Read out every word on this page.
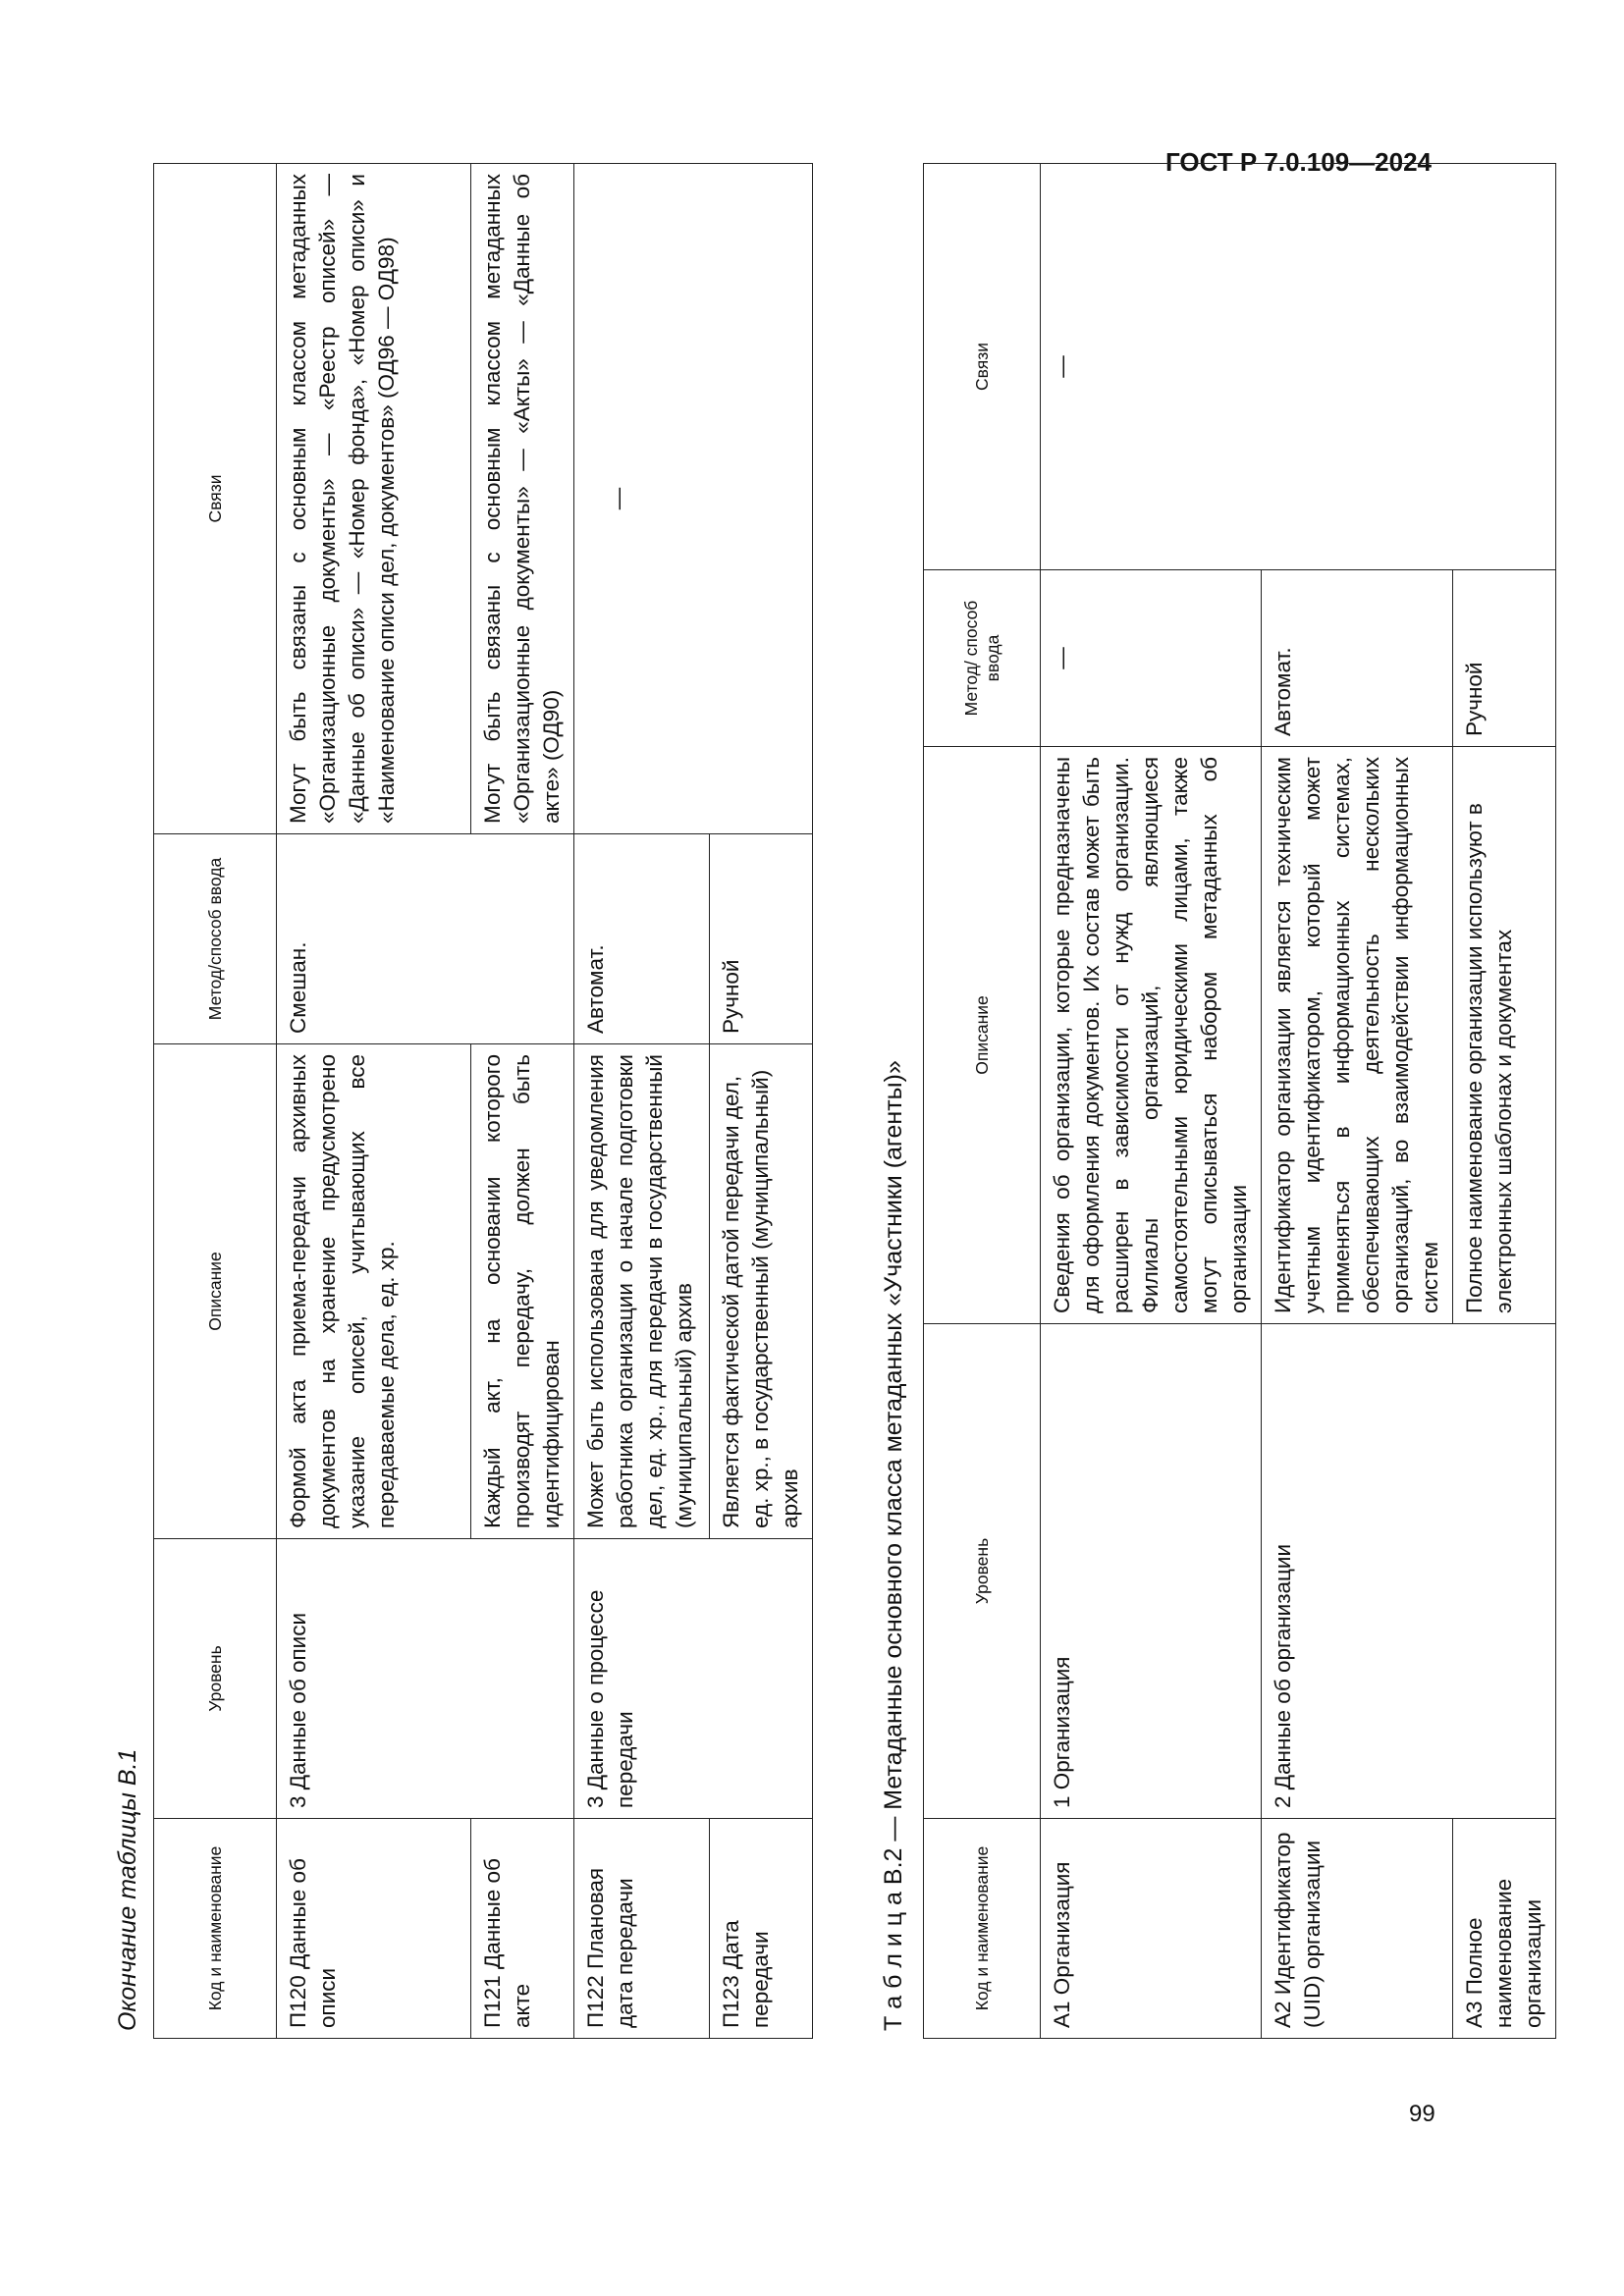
ГОСТ Р 7.0.109—2024
99
Окончание таблицы В.1	Код и наименование	Уровень	Описание	Метод/способ ввода	Связи
П120 Данные об описи	3 Данные об описи	Формой акта приема-передачи архивных документов на хранение предусмотрено указание описей, учитывающих все передаваемые дела, ед. хр.	Смешан.	Могут быть связаны с основным классом метаданных «Организационные документы» — «Реестр описей» — «Данные об описи» — «Номер фонда», «Номер описи» и «Наименование описи дел, документов» (ОД96 — ОД98)
П121 Данные об акте		Каждый акт, на основании которого производят передачу, должен быть идентифицирован		Могут быть связаны с основным классом метаданных «Организационные документы» — «Акты» — «Данные об акте» (ОД90)
П122 Плановая дата передачи	3 Данные о процессе передачи	Может быть использована для уведомления работника организации о начале подготовки дел, ед. хр., для передачи в государственный (муниципальный) архив	Автомат.	—
П123 Дата передачи		Является фактической датой передачи дел, ед. хр., в государственный (муниципальный) архив	Ручной	
Т а б л и ц а В.2 — Метаданные основного класса метаданных «Участники (агенты)»	Код и наименование	Уровень	Описание	Метод/ способ ввода	Связи
А1 Организация	1 Организация	Сведения об организации, которые предназначены для оформления документов. Их состав может быть расширен в зависимости от нужд организации. Филиалы организаций, являющиеся самостоятельными юридическими лицами, также могут описываться набором метаданных об организации	—	—
А2 Идентификатор (UID) организации	2 Данные об организации	Идентификатор организации является техническим учетным идентификатором, который может применяться в информационных системах, обеспечивающих деятельность нескольких организаций, во взаимодействии информационных систем	Автомат.	
А3 Полное наименование организации		Полное наименование организации используют в электронных шаблонах и документах	Ручной	
